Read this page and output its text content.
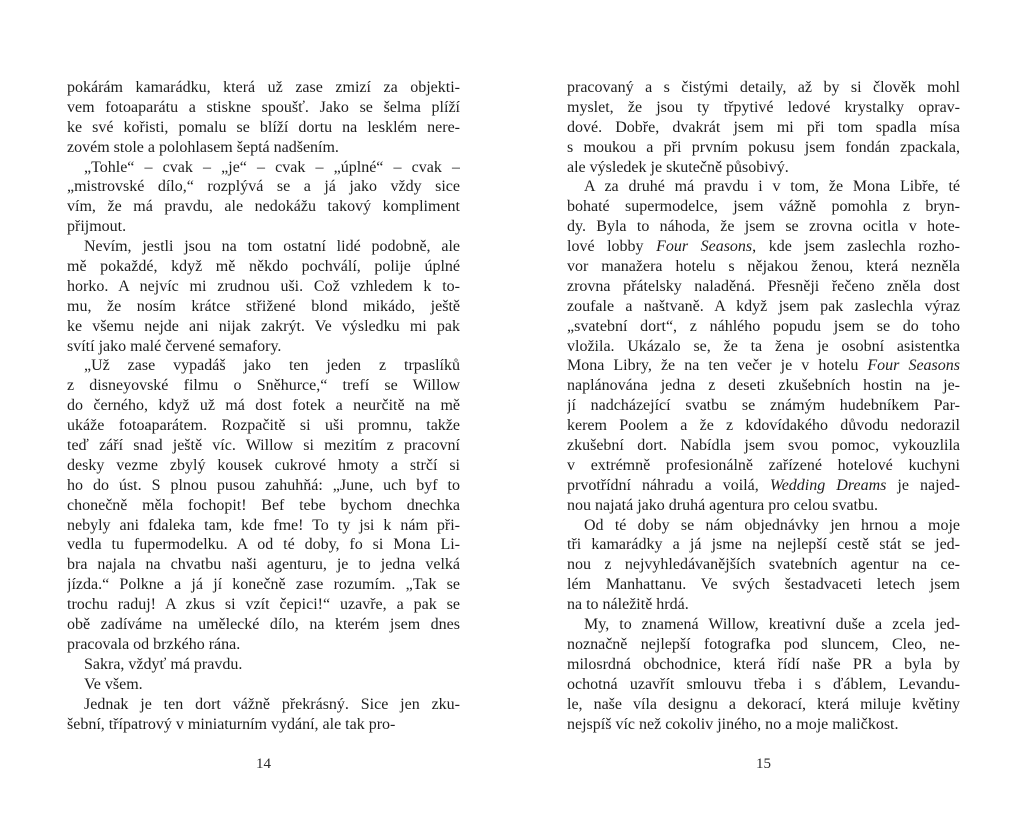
pokárám kamarádku, která už zase zmizí za objekti-
vem fotoaparátu a stiskne spoušť. Jako se šelma plíží
ke své kořisti, pomalu se blíží dortu na lesklém nere-
zovém stole a polohlasem šeptá nadšením.
„Tohle“ – cvak – „je“ – cvak – „úplné“ – cvak –
„mistrovské dílo,“ rozplývá se a já jako vždy sice
vím, že má pravdu, ale nedokážu takový kompliment
přijmout.
Nevím, jestli jsou na tom ostatní lidé podobně, ale
mě pokaždé, když mě někdo pochválí, polije úplné
horko. A nejvíc mi zrudnou uši. Což vzhledem k to-
mu, že nosím krátce střižené blond mikádo, ještě
ke všemu nejde ani nijak zakrýt. Ve výsledku mi pak
svítí jako malé červené semafory.
„Už zase vypadáš jako ten jeden z trpaslíků
z disneyovské filmu o Sněhurce,“ trefí se Willow
do černého, když už má dost fotek a neurčitě na mě
ukáže fotoaparátem. Rozpačitě si uši promnu, takže
teď září snad ještě víc. Willow si mezitím z pracovní
desky vezme zbylý kousek cukrové hmoty a strčí si
ho do úst. S plnou pusou zahuhňá: „June, uch byf to
chonečně měla fochopit! Bef tebe bychom dnechka
nebyly ani fdaleka tam, kde fme! To ty jsi k nám při-
vedla tu fupermodelku. A od té doby, fo si Mona Li-
bra najala na chvatbu naši agenturu, je to jedna velká
jízda.“ Polkne a já jí konečně zase rozumím. „Tak se
trochu raduj! A zkus si vzít čepici!“ uzavře, a pak se
obě zadíváme na umělecké dílo, na kterém jsem dnes
pracovala od brzkého rána.
Sakra, vždyť má pravdu.
Ve všem.
Jednak je ten dort vážně překrásný. Sice jen zku-
šební, třípatrový v miniaturním vydání, ale tak pro-
pracovaný a s čistými detaily, až by si člověk mohl
myslet, že jsou ty třpytivé ledové krystalky oprav-
dové. Dobře, dvakrát jsem mi při tom spadla mísa
s moukou a při prvním pokusu jsem fondán zpackala,
ale výsledek je skutečně působivý.
A za druhé má pravdu i v tom, že Mona Libře, té
bohaté supermodelce, jsem vážně pomohla z bryn-
dy. Byla to náhoda, že jsem se zrovna ocitla v hote-
lové lobby Four Seasons, kde jsem zaslechla rozho-
vor manažera hotelu s nějakou ženou, která nezněla
zrovna přátelsky naladěná. Přesněji řečeno zněla dost
zoufale a naštvaně. A když jsem pak zaslechla výraz
„svatební dort“, z náhlého popudu jsem se do toho
vložila. Ukázalo se, že ta žena je osobní asistentka
Mona Libry, že na ten večer je v hotelu Four Seasons
naplánována jedna z deseti zkušebních hostin na je-
jí nadcházející svatbu se známým hudebníkem Par-
kerem Poolem a že z kdovídakého důvodu nedorazil
zkušební dort. Nabídla jsem svou pomoc, vykouzlila
v extrémně profesionálně zařízené hotelové kuchyni
prvotřídní náhradu a voilá, Wedding Dreams je najed-
nou najatá jako druhá agentura pro celou svatbu.
Od té doby se nám objednávky jen hrnou a moje
tři kamarádky a já jsme na nejlepší cestě stát se jed-
nou z nejvyhledávanějších svatebních agentur na ce-
lém Manhattanu. Ve svých šestadvaceti letech jsem
na to náležitě hrdá.
My, to znamená Willow, kreativní duše a zcela jed-
noznačně nejlepší fotografka pod sluncem, Cleo, ne-
milosrdná obchodnice, která řídí naše PR a byla by
ochotná uzavřít smlouvu třeba i s ďáblem, Levandu-
le, naše víla designu a dekorací, která miluje květiny
nejspíš víc než cokoliv jiného, no a moje maličkost.
14	15
